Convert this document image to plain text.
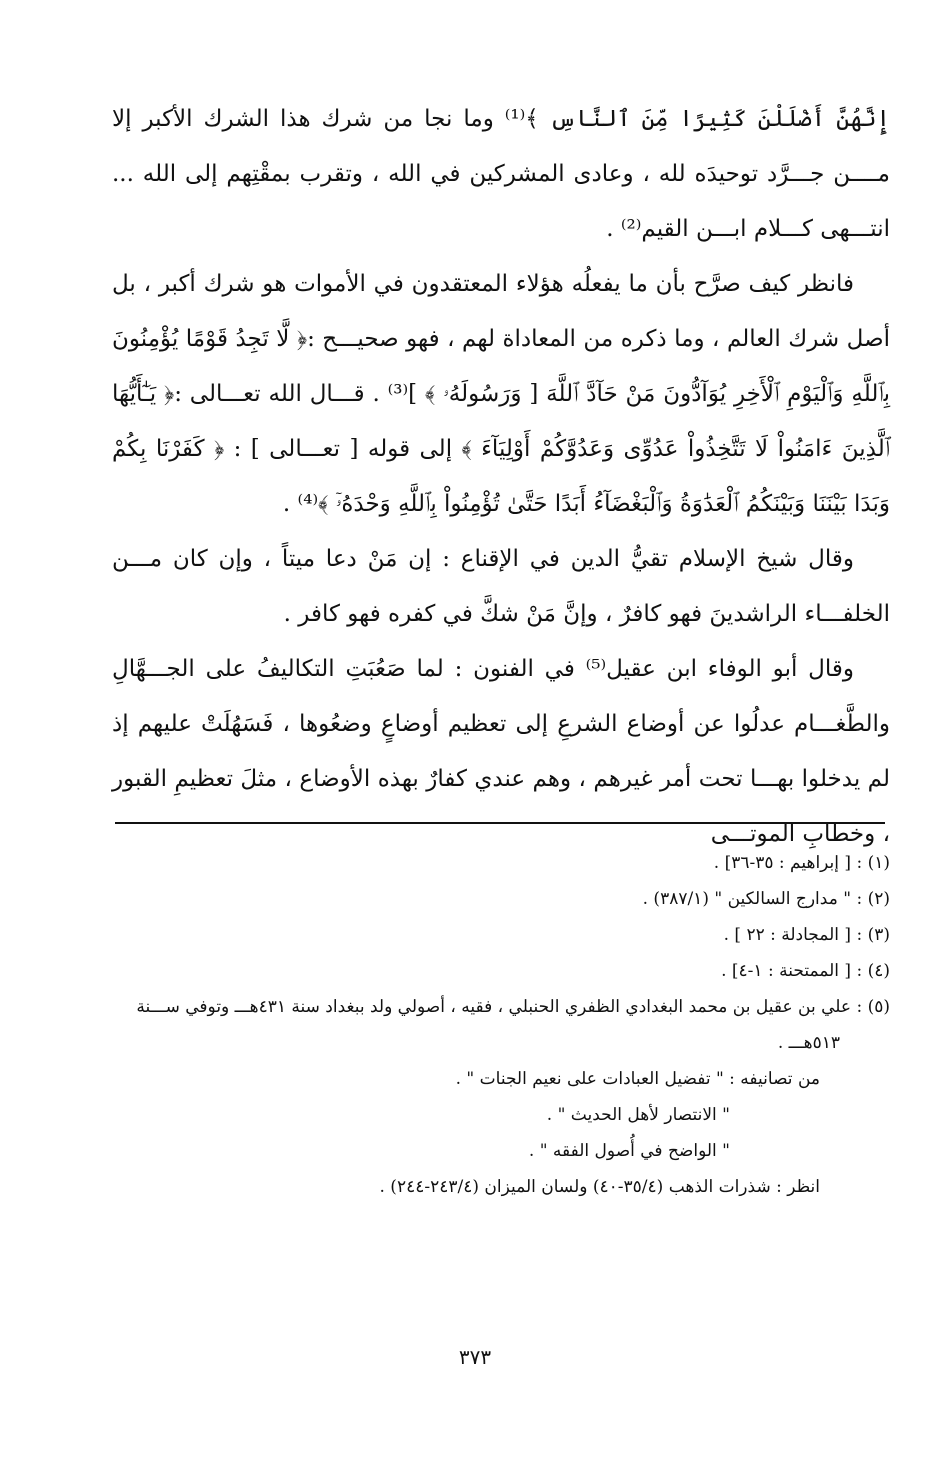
إِنَّهُنَّ أَضْلَلْنَ كَثِيرًا مِّنَ ٱلنَّاسِ ﴾⁽¹⁾ وما نجا من شرك هذا الشرك الأكبر إلا مــــن جـــرَّد توحيدَه لله ، وعادى المشركين في الله ، وتقرب بمقْتِهم إلى الله ... انتـــهى كـــلام ابـــن القيم⁽²⁾ .

فانظر كيف صرَّح بأن ما يفعلُه هؤلاء المعتقدون في الأموات هو شرك أكبر ، بل أصل شرك العالم ، وما ذكره من المعاداة لهم ، فهو صحيـــح :﴿ لَّا تَجِدُ قَوْمًا يُؤْمِنُونَ بِٱللَّهِ وَٱلْيَوْمِ ٱلْأَخِرِ يُوَآدُّونَ مَنْ حَآدَّ ٱللَّهَ [ وَرَسُولَهُۥ ﴾ ]⁽³⁾ . قـــال الله تعـــالى :﴿ يَـٰٓأَيُّهَا ٱلَّذِينَ ءَامَنُواْ لَا تَتَّخِذُواْ عَدُوِّى وَعَدُوَّكُمْ أَوْلِيَآءَ ﴾ إلى قوله [ تعـــالى ] : ﴿ كَفَرْنَا بِكُمْ وَبَدَا بَيْنَنَا وَبَيْنَكُمُ ٱلْعَدَٰوَةُ وَٱلْبَغْضَآءُ أَبَدًا حَتَّىٰ تُؤْمِنُواْ بِٱللَّهِ وَحْدَهُۥٓ ﴾⁽⁴⁾ .

وقال شيخ الإسلام تقيُّ الدين في الإقناع : إن مَنْ دعا ميتاً ، وإن كان مـــن الخلفـــاء الراشدينَ فهو كافرٌ ، وإنَّ مَنْ شكَّ في كفره فهو كافر .

وقال أبو الوفاء ابن عقيل⁽⁵⁾ في الفنون : لما صَعُبَتِ التكاليفُ على الجـــهَّالِ والطَّغـــام عدلُوا عن أوضاع الشرعِ إلى تعظيم أوضاعٍ وضعُوها ، فَسَهُلَتْ عليهم إذ لم يدخلوا بهـــا تحت أمر غيرهم ، وهم عندي كفارٌ بهذه الأوضاع ، مثلَ تعظيمِ القبور ، وخطابِ الموتـــى

(١) : [ إبراهيم : ٣٥-٣٦] .

(٢) : " مدارج السالكين " (٣٨٧/١) .

(٣) : [ المجادلة : ٢٢ ] .

(٤) : [ الممتحنة : ١-٤] .

(٥) : علي بن عقيل بن محمد البغدادي الظفري الحنبلي ، فقيه ، أصولي ولد ببغداد سنة ٤٣١هـــ وتوفي ســـنة

٥١٣هـــ .

من تصانيفه : " تفضيل العبادات على نعيم الجنات " .

" الانتصار لأهل الحديث " .

" الواضح في أُصول الفقه " .

انظر : شذرات الذهب (٣٥/٤-٤٠) ولسان الميزان (٢٤٣/٤-٢٤٤) .

٣٧٣
